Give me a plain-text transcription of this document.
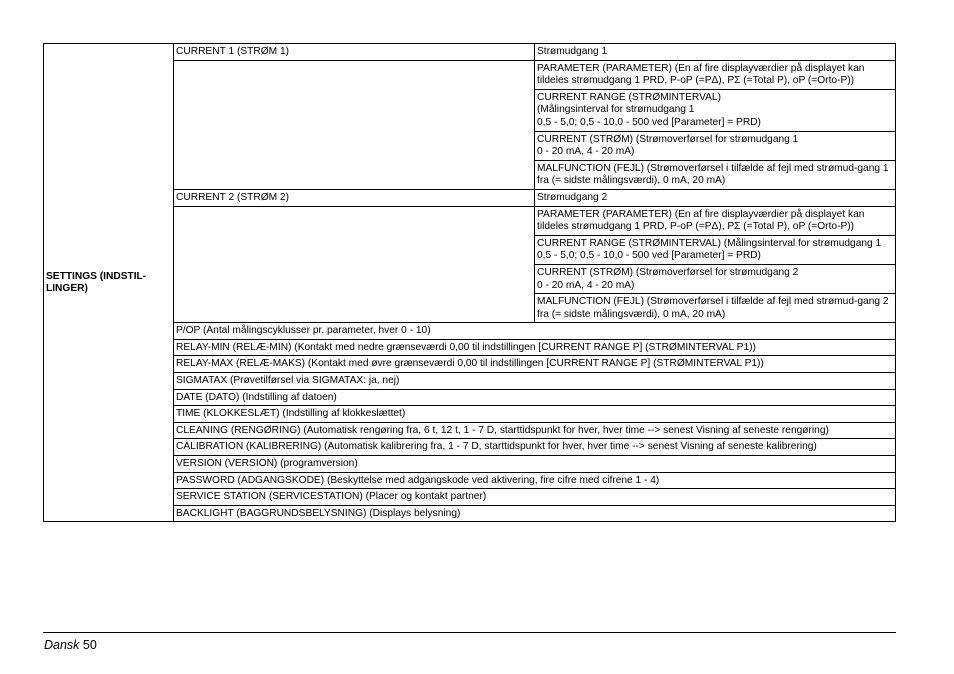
SETTINGS (INDSTIL-LINGER)	CURRENT 1 (STRØM 1)	Strømudgang 1
		PARAMETER (PARAMETER) (En af fire displayværdier på displayet kan tildeles strømudgang 1 PRD, P-oP (=PΔ), PΣ (=Total P), oP (=Orto-P))

		CURRENT RANGE (STRØMINTERVAL)
(Målingsinterval for strømudgang 1
0,5 - 5,0; 0,5 - 10,0 - 500 ved [Parameter] = PRD)

		CURRENT (STRØM) (Strømoverførsel for strømudgang 1
0 - 20 mA, 4 - 20 mA)

		MALFUNCTION (FEJL) (Strømoverførsel i tilfælde af fejl med strømud-gang 1 fra (= sidste målingsværdi), 0 mA, 20 mA)
	CURRENT 2 (STRØM 2)	Strømudgang 2
		PARAMETER (PARAMETER) (En af fire displayværdier på displayet kan tildeles strømudgang 1 PRD, P-oP (=PΔ), PΣ (=Total P), oP (=Orto-P))

		CURRENT RANGE (STRØMINTERVAL) (Målingsinterval for strømudgang 1
0,5 - 5,0; 0,5 - 10,0 - 500 ved [Parameter] = PRD)

		CURRENT (STRØM) (Strømoverførsel for strømudgang 2
0 - 20 mA, 4 - 20 mA)

		MALFUNCTION (FEJL) (Strømoverførsel i tilfælde af fejl med strømud-gang 2 fra (= sidste målingsværdi), 0 mA, 20 mA)
	P/OP (Antal målingscyklusser pr. parameter, hver 0 - 10)	
	RELAY-MIN (RELÆ-MIN) (Kontakt med nedre grænseværdi 0,00 til indstillingen [CURRENT RANGE P] (STRØMINTERVAL P1))	
	RELAY-MAX (RELÆ-MAKS) (Kontakt med øvre grænseværdi 0,00 til indstillingen [CURRENT RANGE P] (STRØMINTERVAL P1))	
	SIGMATAX (Prøvetilførsel via SIGMATAX: ja, nej)	
	DATE (DATO) (Indstilling af datoen)	
	TIME (KLOKKESLÆT) (Indstilling af klokkeslættet)	
	CLEANING (RENGØRING) (Automatisk rengøring fra, 6 t, 12 t, 1 - 7 D, starttidspunkt for hver, hver time --> senest Visning af seneste rengøring)	
	CALIBRATION (KALIBRERING) (Automatisk kalibrering fra, 1 - 7 D, starttidspunkt for hver, hver time --> senest Visning af seneste kalibrering)	
	VERSION (VERSION) (programversion)	
	PASSWORD (ADGANGSKODE) (Beskyttelse med adgangskode ved aktivering, fire cifre med cifrene 1 - 4)	
	SERVICE STATION (SERVICESTATION) (Placer og kontakt partner)	
	BACKLIGHT (BAGGRUNDSBELYSNING) (Displays belysning)	
Dansk 50
